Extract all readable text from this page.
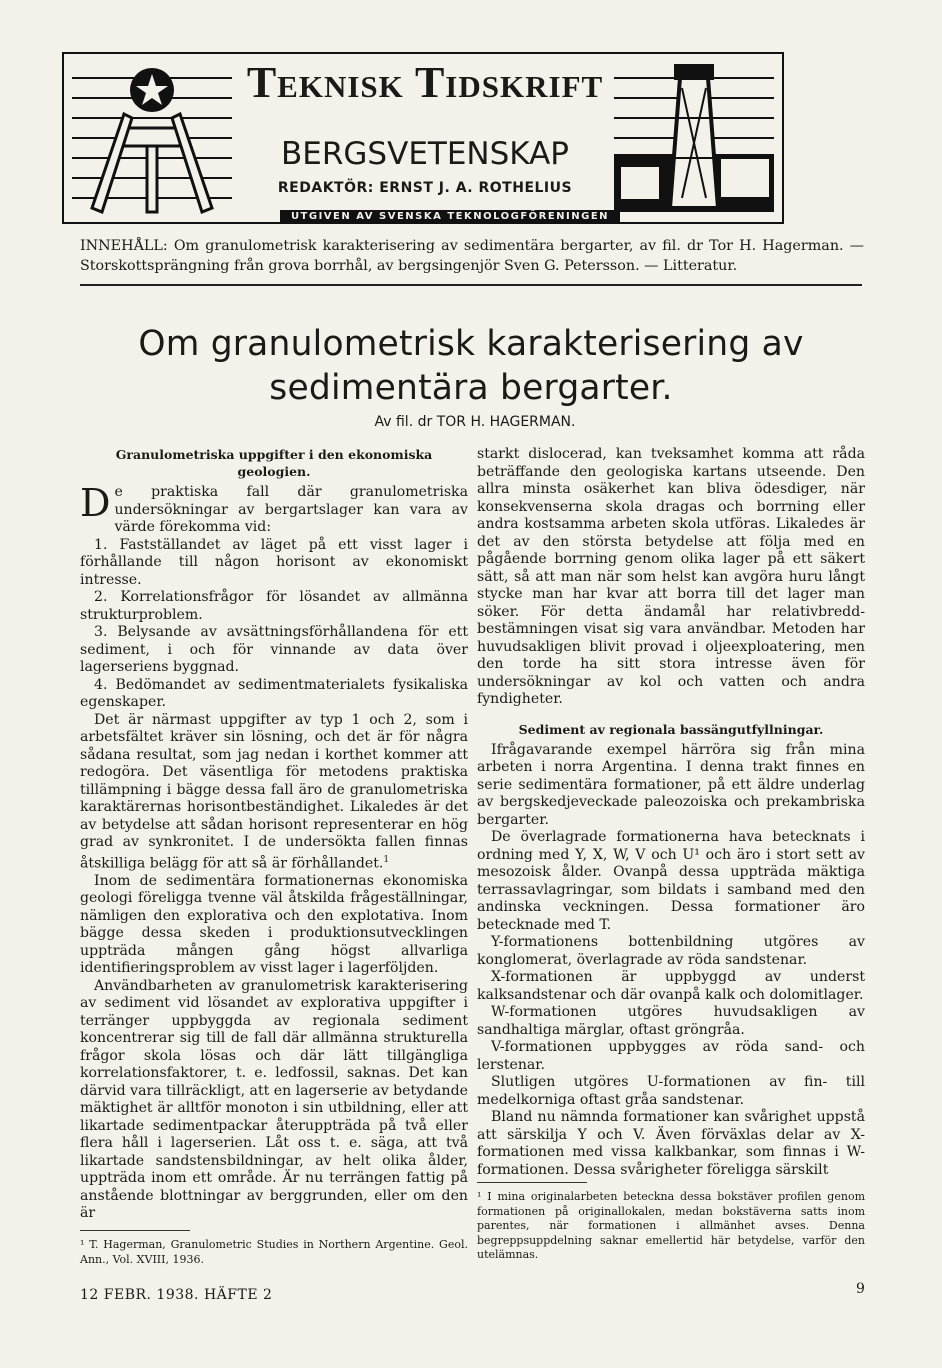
Teknisk Tidskrift
BERGSVETENSKAP
REDAKTÖR: ERNST J. A. ROTHELIUS
UTGIVEN AV SVENSKA TEKNOLOGFÖRENINGEN
INNEHÅLL: Om granulometrisk karakterisering av sedimentära bergarter, av fil. dr Tor H. Hagerman. — Storskottsprängning från grova borrhål, av bergsingenjör Sven G. Petersson. — Litteratur.
Om granulometrisk karakterisering av sedimentära bergarter.
Av fil. dr TOR H. HAGERMAN.
Granulometriska uppgifter i den ekonomiska geologien.

De praktiska fall där granulometriska undersökningar av bergartslager kan vara av värde förekomma vid:

1. Fastställandet av läget på ett visst lager i förhållande till någon horisont av ekonomiskt intresse.

2. Korrelationsfrågor för lösandet av allmänna strukturproblem.

3. Belysande av avsättningsförhållandena för ett sediment, i och för vinnande av data över lagerseriens byggnad.

4. Bedömandet av sedimentmaterialets fysikaliska egenskaper.

Det är närmast uppgifter av typ 1 och 2, som i arbetsfältet kräver sin lösning, och det är för några sådana resultat, som jag nedan i korthet kommer att redogöra. Det väsentliga för metodens praktiska tillämpning i bägge dessa fall äro de granulometriska karaktärernas horisontbeständighet. Likaledes är det av betydelse att sådan horisont representerar en hög grad av synkronitet. I de undersökta fallen finnas åtskilliga belägg för att så är förhållandet.$^1$

Inom de sedimentära formationernas ekonomiska geologi föreligga tvenne väl åtskilda frågeställningar, nämligen den explorativa och den explotativa. Inom bägge dessa skeden i produktionsutvecklingen uppträda mången gång högst allvarliga identifieringsproblem av visst lager i lagerföljden.

Användbarheten av granulometrisk karakterisering av sediment vid lösandet av explorativa uppgifter i terränger uppbyggda av regionala sediment koncentrerar sig till de fall där allmänna strukturella frågor skola lösas och där lätt tillgängliga korrelationsfaktorer, t. e. ledfossil, saknas. Det kan därvid vara tillräckligt, att en lagerserie av betydande mäktighet är alltför monoton i sin utbildning, eller att likartade sedimentpackar återuppträda på två eller flera håll i lagerserien. Låt oss t. e. säga, att två likartade sandstensbildningar, av helt olika ålder, uppträda inom ett område. Är nu terrängen fattig på anstående blottningar av berggrunden, eller om den är

starkt dislocerad, kan tveksamhet komma att råda beträffande den geologiska kartans utseende. Den allra minsta osäkerhet kan bliva ödesdiger, när konsekvenserna skola dragas och borrning eller andra kostsamma arbeten skola utföras. Likaledes är det av den största betydelse att följa med en pågående borrning genom olika lager på ett säkert sätt, så att man när som helst kan avgöra huru långt stycke man har kvar att borra till det lager man söker. För detta ändamål har relativbredd-bestämningen visat sig vara användbar. Metoden har huvudsakligen blivit provad i oljeexploatering, men den torde ha sitt stora intresse även för undersökningar av kol och vatten och andra fyndigheter.

Sediment av regionala bassängutfyllningar.

Ifrågavarande exempel härröra sig från mina arbeten i norra Argentina. I denna trakt finnes en serie sedimentära formationer, på ett äldre underlag av bergskedjeveckade paleozoiska och prekambriska bergarter.

De överlagrade formationerna hava betecknats i ordning med Y, X, W, V och U¹ och äro i stort sett av mesozoisk ålder. Ovanpå dessa uppträda mäktiga terrassavlagringar, som bildats i samband med den andinska veckningen. Dessa formationer äro betecknade med T.

Y-formationens bottenbildning utgöres av konglomerat, överlagrade av röda sandstenar.

X-formationen är uppbyggd av underst kalksandstenar och där ovanpå kalk och dolomitlager.

W-formationen utgöres huvudsakligen av sandhaltiga märglar, oftast gröngråa.

V-formationen uppbygges av röda sand- och lerstenar.

Slutligen utgöres U-formationen av fin- till medelkorniga oftast gråa sandstenar.

Bland nu nämnda formationer kan svårighet uppstå att särskilja Y och V. Även förväxlas delar av X-formationen med vissa kalkbankar, som finnas i W-formationen. Dessa svårigheter föreligga särskilt

¹ T. Hagerman, Granulometric Studies in Northern Argentine. Geol. Ann., Vol. XVIII, 1936.
¹ I mina originalarbeten beteckna dessa bokstäver profilen genom formationen på originallokalen, medan bokstäverna satts inom parentes, när formationen i allmänhet avses. Denna begreppsuppdelning saknar emellertid här betydelse, varför den utelämnas.
12 FEBR. 1938. HÄFTE 2	9
